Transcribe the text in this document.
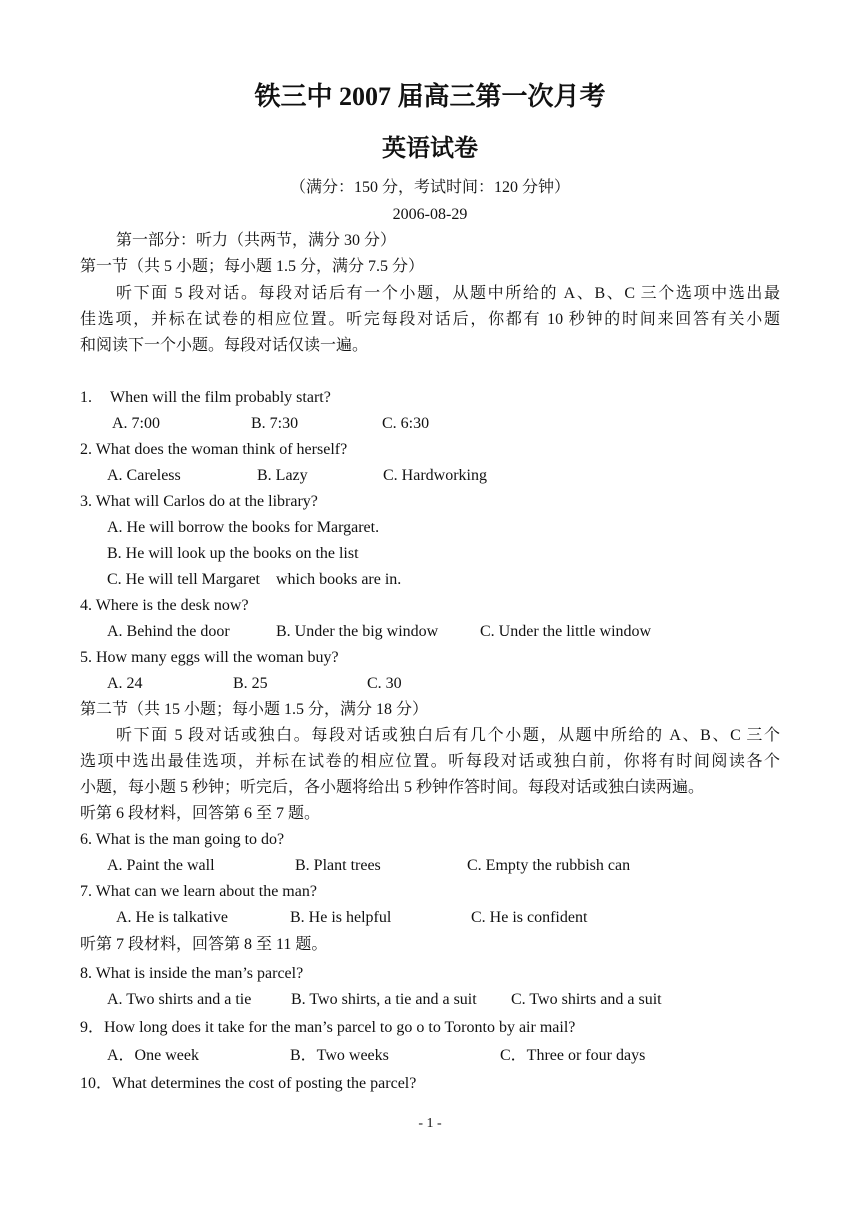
铁三中 2007 届高三第一次月考
英语试卷
（满分：150 分，考试时间：120 分钟）
2006-08-29
第一部分：听力（共两节，满分 30 分）
第一节（共 5 小题；每小题 1.5 分，满分 7.5 分）
听下面 5 段对话。每段对话后有一个小题，从题中所给的 A、B、C 三个选项中选出最
佳选项，并标在试卷的相应位置。听完每段对话后，你都有 10 秒钟的时间来回答有关小题
和阅读下一个小题。每段对话仅读一遍。
1. When will the film probably start?
A. 7:00	B. 7:30	C. 6:30
2. What does the woman think of herself?
A. Careless	B. Lazy	C. Hardworking
3. What will Carlos do at the library?
A. He will borrow the books for Margaret.
B. He will look up the books on the list
C. He will tell Margaret    which books are in.
4. Where is the desk now?
A. Behind the door	B. Under the big window	C. Under the little window
5. How many eggs will the woman buy?
A. 24	B. 25	C. 30
第二节（共 15 小题；每小题 1.5 分，满分 18 分）
听下面 5 段对话或独白。每段对话或独白后有几个小题，从题中所给的 A、B、C 三个
选项中选出最佳选项，并标在试卷的相应位置。听每段对话或独白前，你将有时间阅读各个
小题，每小题 5 秒钟；听完后，各小题将给出 5 秒钟作答时间。每段对话或独白读两遍。
听第 6 段材料，回答第 6 至 7 题。
6. What is the man going to do?
A. Paint the wall	B. Plant trees	C. Empty the rubbish can
7. What can we learn about the man?
A. He is talkative	B. He is helpful	C. He is confident
听第 7 段材料，回答第 8 至 11 题。
8. What is inside the man’s parcel?
A. Two shirts and a tie B. Two shirts, a tie and a suit C. Two shirts and a suit
9．How long does it take for the man’s parcel to go o to Toronto by air mail?
A．One week	B．Two weeks	C．Three or four days
10．What determines the cost of posting the parcel?
- 1 -
